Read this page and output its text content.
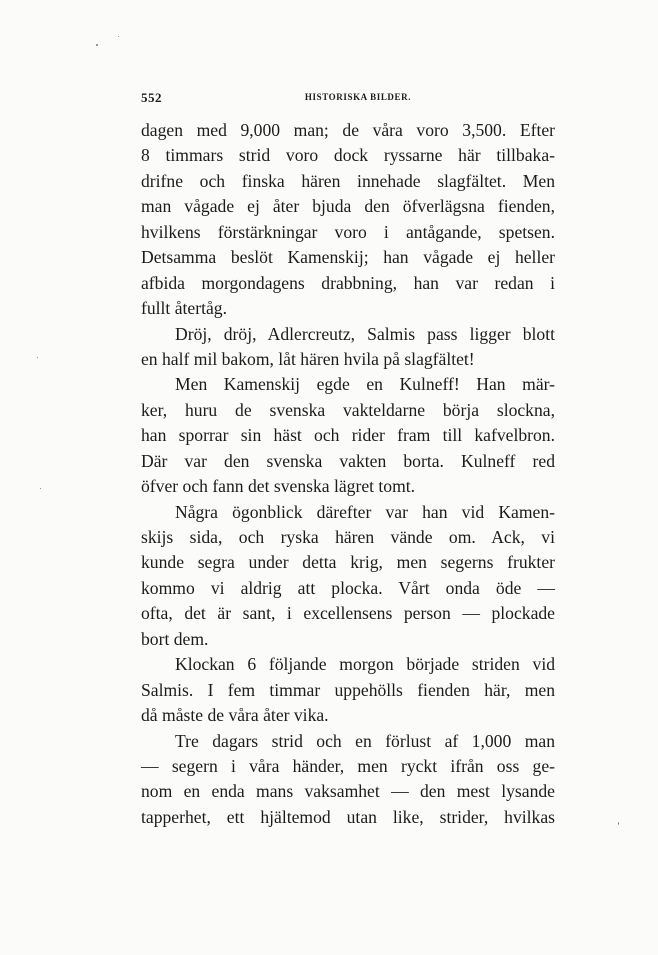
552	HISTORISKA BILDER.
dagen med 9,000 man; de våra voro 3,500. Efter
8 timmars strid voro dock ryssarne här tillbaka-
drifne och finska hären innehade slagfältet. Men
man vågade ej åter bjuda den öfverlägsna fienden,
hvilkens förstärkningar voro i antågande, spetsen.
Detsamma beslöt Kamenskij; han vågade ej heller
afbida morgondagens drabbning, han var redan i
fullt återtåg.
Dröj, dröj, Adlercreutz, Salmis pass ligger blott
en half mil bakom, låt hären hvila på slagfältet!
Men Kamenskij egde en Kulneff! Han mär-
ker, huru de svenska vakteldarne börja slockna,
han sporrar sin häst och rider fram till kafvelbron.
Där var den svenska vakten borta. Kulneff red
öfver och fann det svenska lägret tomt.
Några ögonblick därefter var han vid Kamen-
skijs sida, och ryska hären vände om. Ack, vi
kunde segra under detta krig, men segerns frukter
kommo vi aldrig att plocka. Vårt onda öde —
ofta, det är sant, i excellensens person — plockade
bort dem.
Klockan 6 följande morgon började striden vid
Salmis. I fem timmar uppehölls fienden här, men
då måste de våra åter vika.
Tre dagars strid och en förlust af 1,000 man
— segern i våra händer, men ryckt ifrån oss ge-
nom en enda mans vaksamhet — den mest lysande
tapperhet, ett hjältemod utan like, strider, hvilkas
